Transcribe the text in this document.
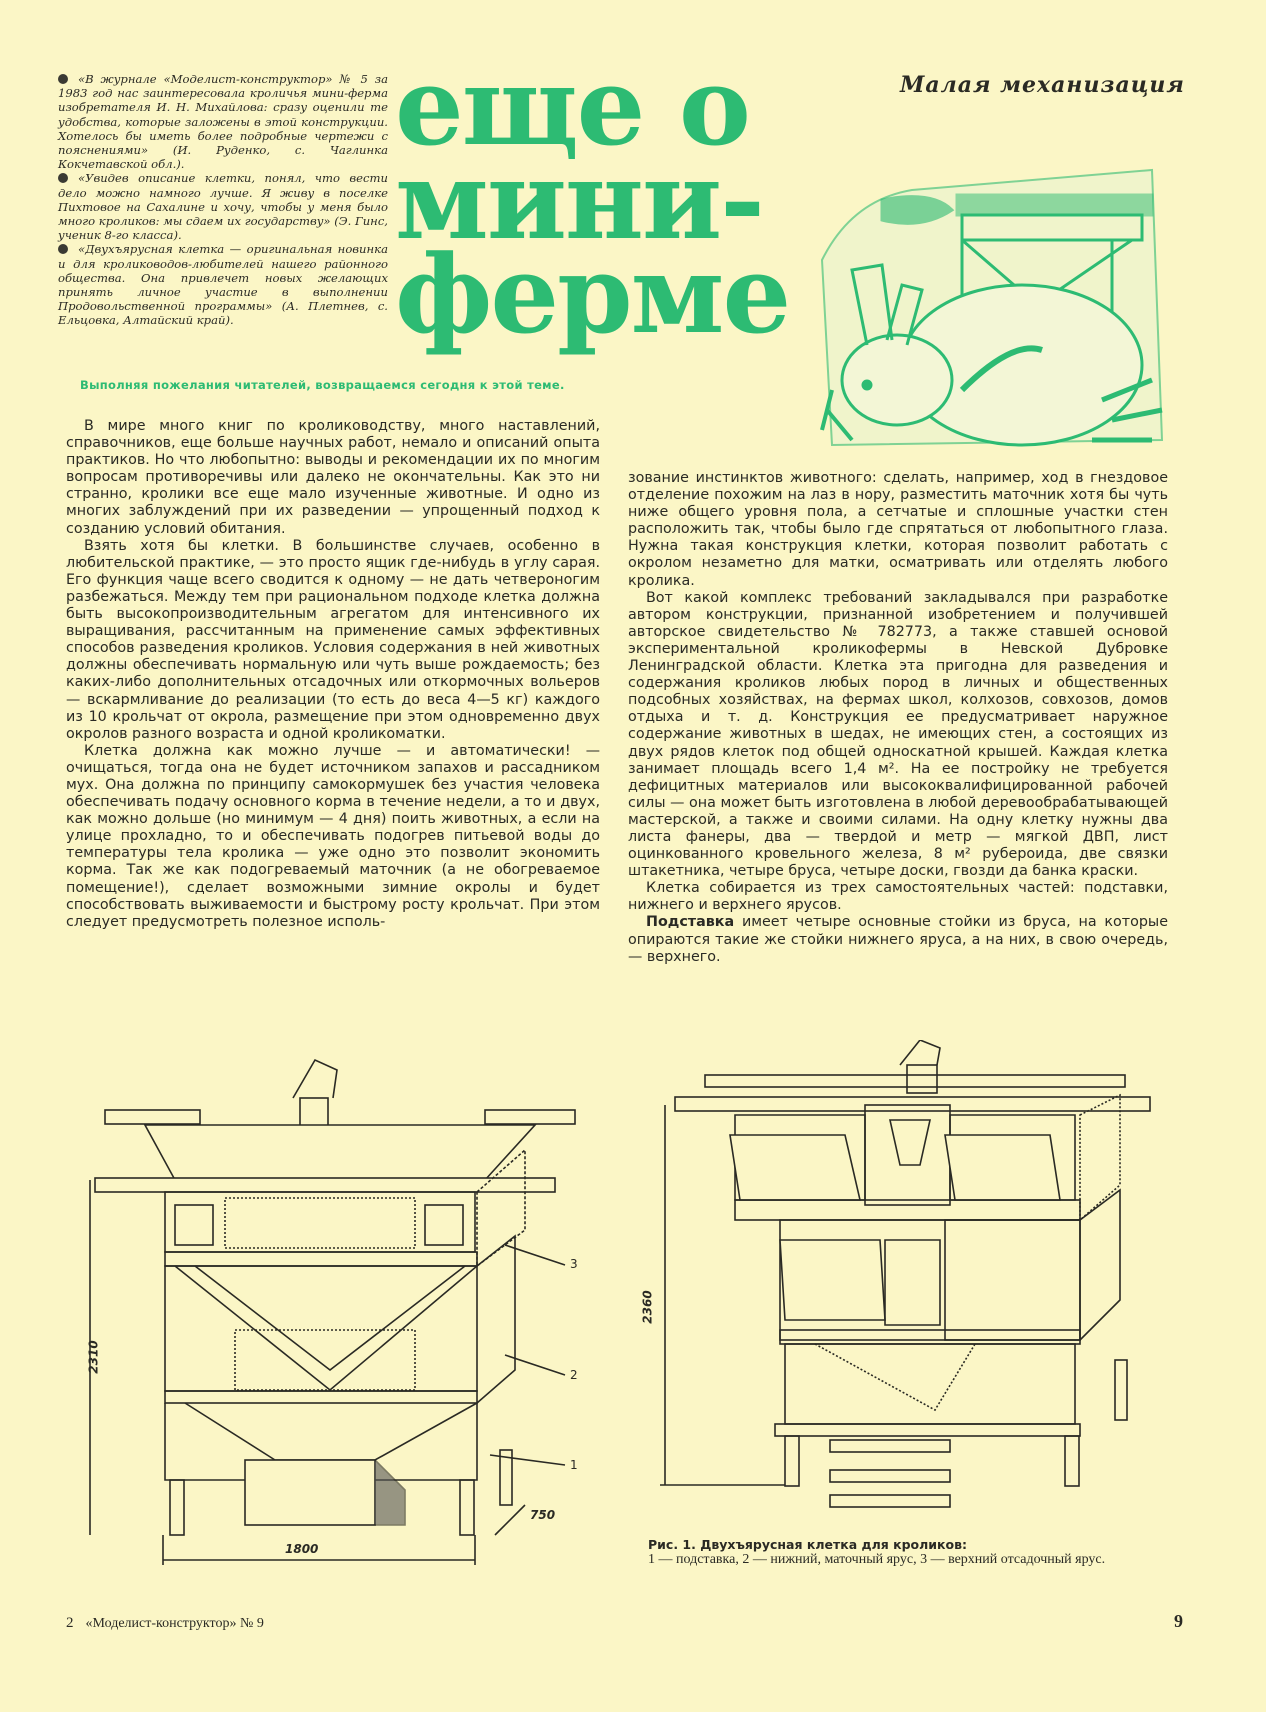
«В журнале «Моделист-конструктор» № 5 за 1983 год нас заинтересовала кроличья мини-ферма изобретателя И. Н. Михайлова: сразу оценили те удобства, которые заложены в этой конструкции. Хотелось бы иметь более подробные чертежи с пояснениями» (И. Руденко, с. Чаглинка Кокчетавской обл.).

«Увидев описание клетки, понял, что вести дело можно намного лучше. Я живу в поселке Пихтовое на Сахалине и хочу, чтобы у меня было много кроликов: мы сдаем их государству» (Э. Гинс, ученик 8-го класса).

«Двухъярусная клетка — оригинальная новинка и для кролиководов-любителей нашего районного общества. Она привлечет новых желающих принять личное участие в выполнении Продовольственной программы» (А. Плетнев, с. Ельцовка, Алтайский край).

еще о
мини-
ферме
Малая механизация
Выполняя пожелания читателей, возвращаемся сегодня к этой теме.

В мире много книг по кролиководству, много наставлений, справочников, еще больше научных работ, немало и описаний опыта практиков. Но что любопытно: выводы и рекомендации их по многим вопросам противоречивы или далеко не окончательны. Как это ни странно, кролики все еще мало изученные животные. И одно из многих заблуждений при их разведении — упрощенный подход к созданию условий обитания.

Взять хотя бы клетки. В большинстве случаев, особенно в любительской практике, — это просто ящик где-нибудь в углу сарая. Его функция чаще всего сводится к одному — не дать четвероногим разбежаться. Между тем при рациональном подходе клетка должна быть высокопроизводительным агрегатом для интенсивного их выращивания, рассчитанным на применение самых эффективных способов разведения кроликов. Условия содержания в ней животных должны обеспечивать нормальную или чуть выше рождаемость; без каких-либо дополнительных отсадочных или откормочных вольеров — вскармливание до реализации (то есть до веса 4—5 кг) каждого из 10 крольчат от окрола, размещение при этом одновременно двух окролов разного возраста и одной кроликоматки.

Клетка должна как можно лучше — и автоматически! — очищаться, тогда она не будет источником запахов и рассадником мух. Она должна по принципу самокормушек без участия человека обеспечивать подачу основного корма в течение недели, а то и двух, как можно дольше (но минимум — 4 дня) поить животных, а если на улице прохладно, то и обеспечивать подогрев питьевой воды до температуры тела кролика — уже одно это позволит экономить корма. Так же как подогреваемый маточник (а не обогреваемое помещение!), сделает возможными зимние окролы и будет способствовать выживаемости и быстрому росту крольчат. При этом следует предусмотреть полезное исполь-

зование инстинктов животного: сделать, например, ход в гнездовое отделение похожим на лаз в нору, разместить маточник хотя бы чуть ниже общего уровня пола, а сетчатые и сплошные участки стен расположить так, чтобы было где спрятаться от любопытного глаза. Нужна такая конструкция клетки, которая позволит работать с окролом незаметно для матки, осматривать или отделять любого кролика.

Вот какой комплекс требований закладывался при разработке автором конструкции, признанной изобретением и получившей авторское свидетельство № 782773, а также ставшей основой экспериментальной кроликофермы в Невской Дубровке Ленинградской области. Клетка эта пригодна для разведения и содержания кроликов любых пород в личных и общественных подсобных хозяйствах, на фермах школ, колхозов, совхозов, домов отдыха и т. д. Конструкция ее предусматривает наружное содержание животных в шедах, не имеющих стен, а состоящих из двух рядов клеток под общей односкатной крышей. Каждая клетка занимает площадь всего 1,4 м². На ее постройку не требуется дефицитных материалов или высококвалифицированной рабочей силы — она может быть изготовлена в любой деревообрабатывающей мастерской, а также и своими силами. На одну клетку нужны два листа фанеры, два — твердой и метр — мягкой ДВП, лист оцинкованного кровельного железа, 8 м² рубероида, две связки штакетника, четыре бруса, четыре доски, гвозди да банка краски.

Клетка собирается из трех самостоятельных частей: подставки, нижнего и верхнего ярусов.

Подставка имеет четыре основные стойки из бруса, на которые опираются такие же стойки нижнего яруса, а на них, в свою очередь, — верхнего.

2310
1800
750
3
2
1
2360
Рис. 1. Двухъярусная клетка для кроликов:
1 — подставка, 2 — нижний, маточный ярус, 3 — верхний отсадочный ярус.
2 «Моделист-конструктор» № 9	9
